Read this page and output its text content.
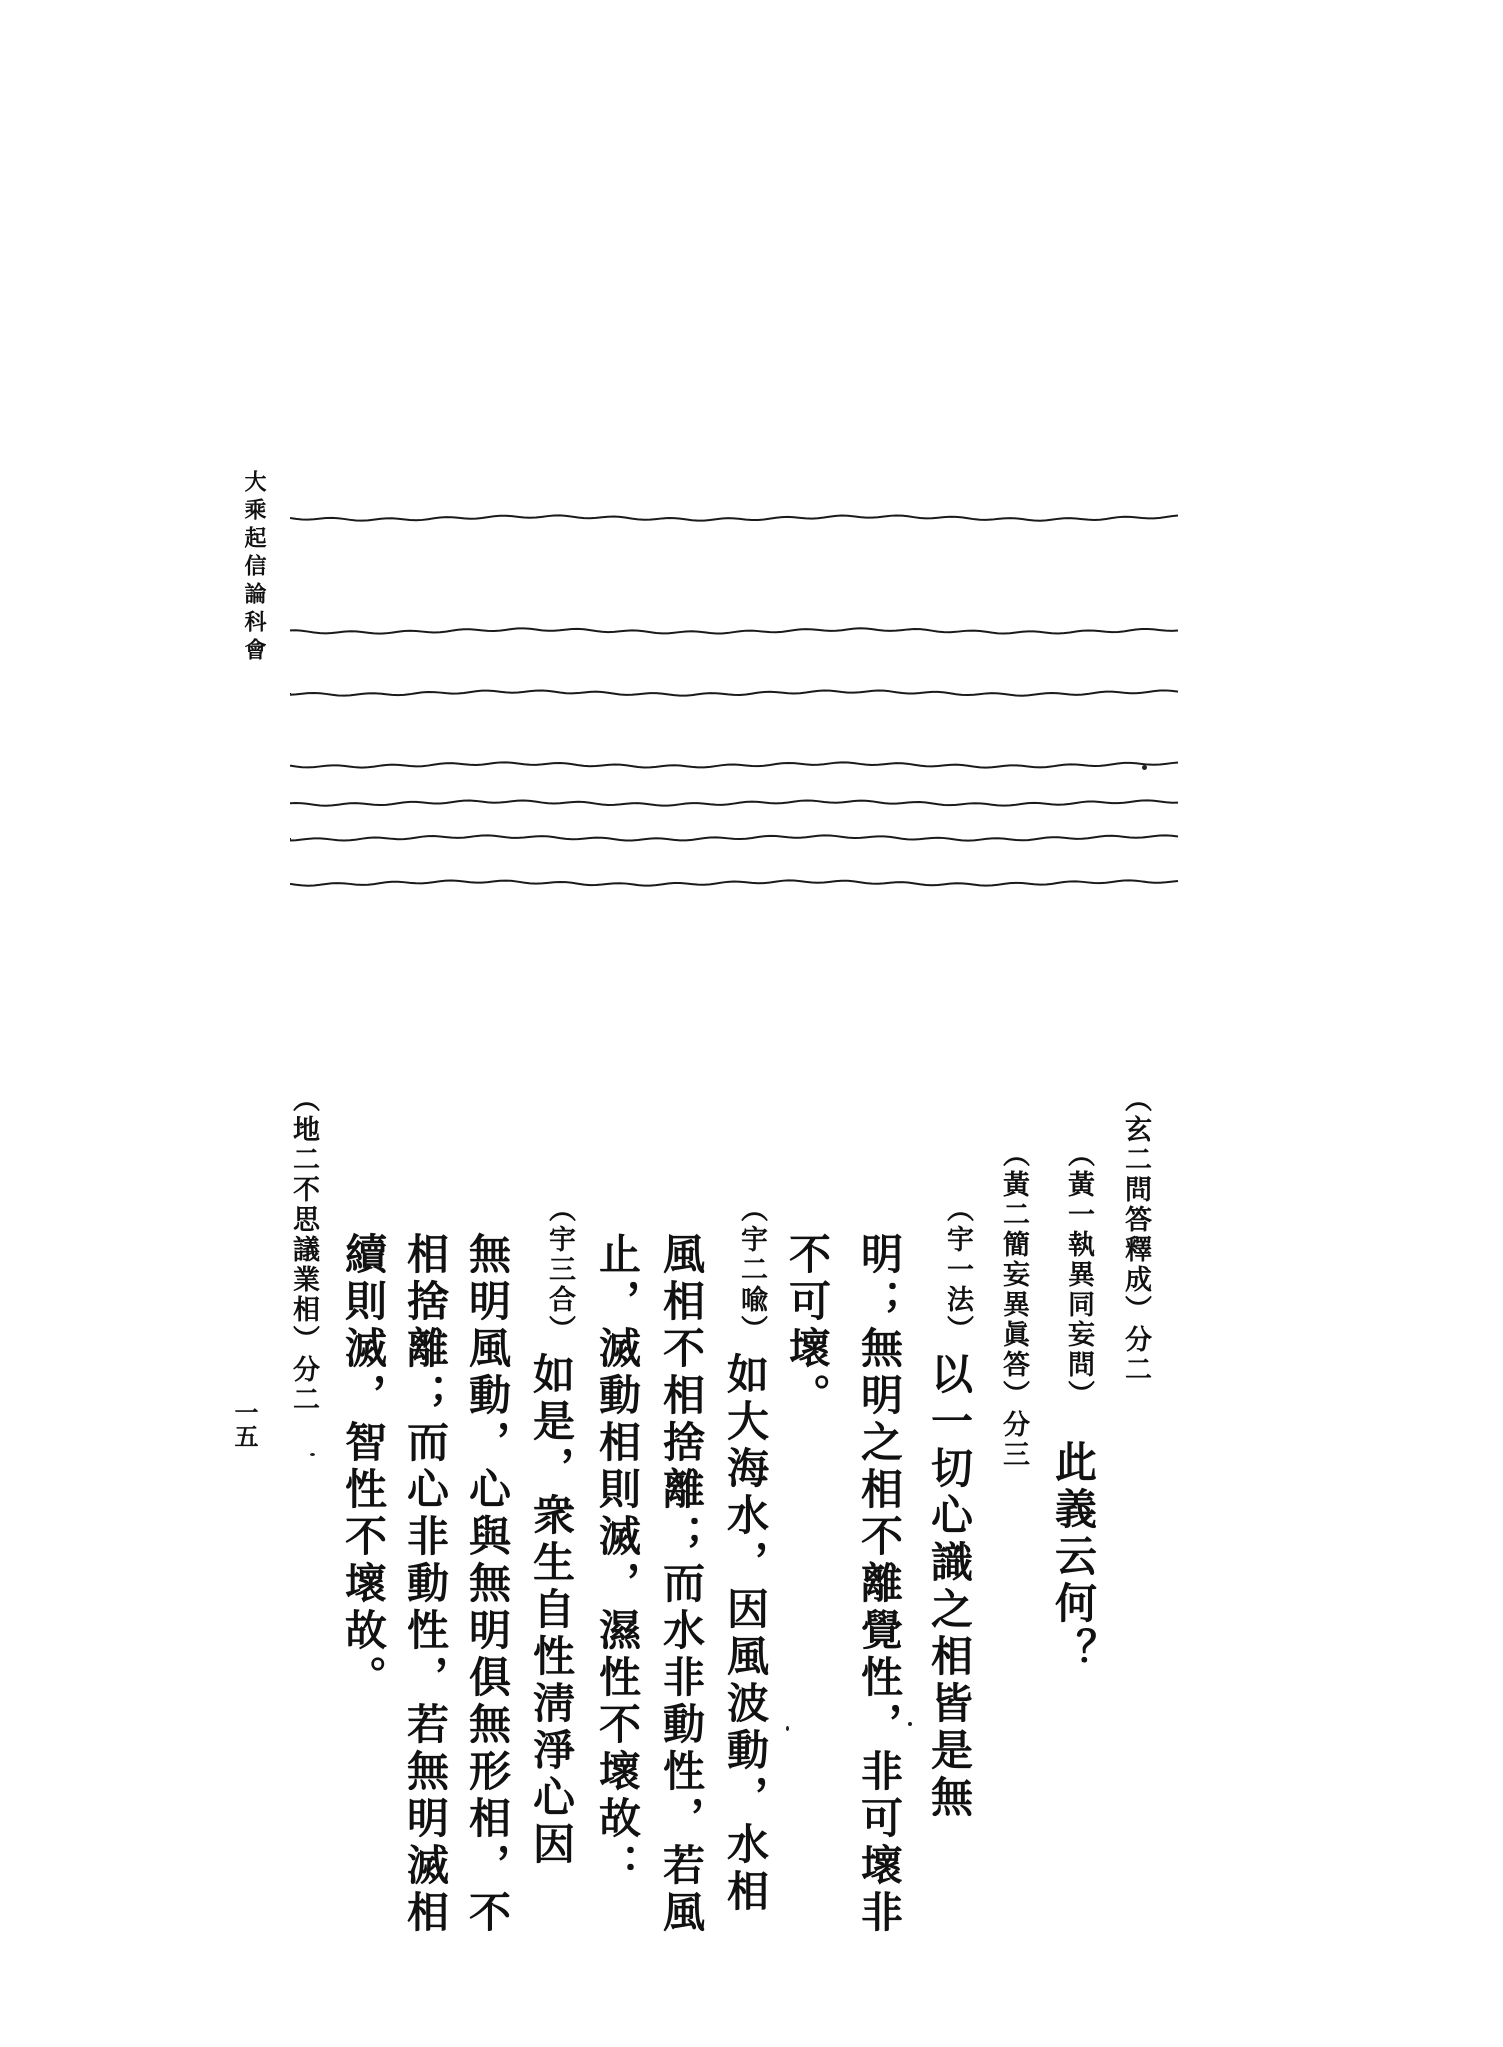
大乘起信論科會
（玄二問答釋成）分二
（黃一執異同妄問）
此義云何？
（黃二簡妄異眞答）分三
（宇一法）
以一切心識之相皆是無
明；無明之相不離覺性，非可壞非
不可壞。
（宇二喩）
如大海水，因風波動，水相
風相不相捨離；而水非動性，若風
止，滅動相則滅，濕性不壞故：
（宇三合）
如是，衆生自性淸淨心因
無明風動，心與無明俱無形相，不
相捨離；而心非動性，若無明滅相
續則滅，智性不壞故。
（地二不思議業相）分二
一五
